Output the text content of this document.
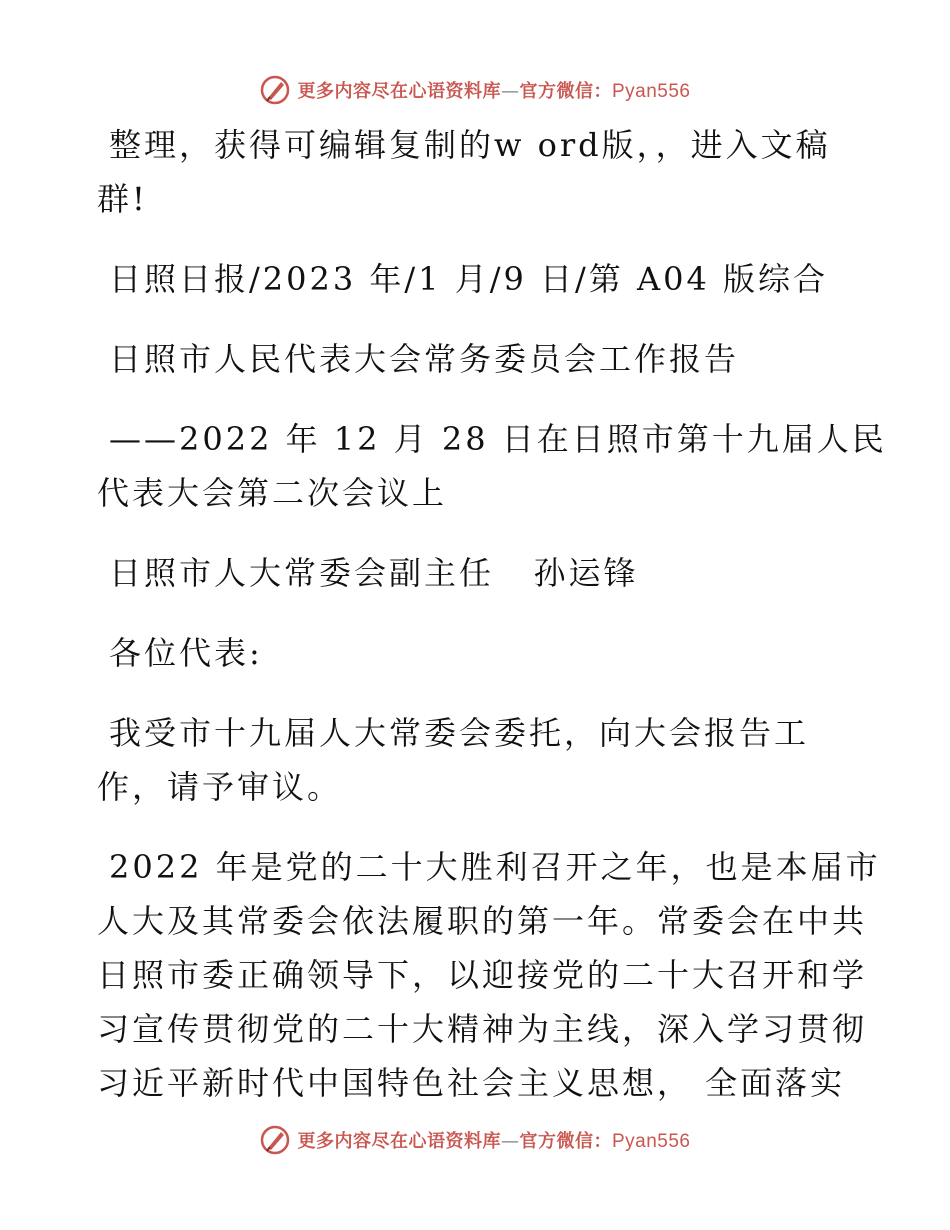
更多内容尽在心语资料库—官方微信：Pyan556
整理，获得可编辑复制的w ord版，，进入文稿
群!
日照日报/2023 年/1 月/9 日/第 A04 版综合
日照市人民代表大会常务委员会工作报告
——2022 年 12 月 28 日在日照市第十九届人民
代表大会第二次会议上
日照市人大常委会副主任   孙运锋
各位代表:
我受市十九届人大常委会委托，向大会报告工
作，请予审议。
2022 年是党的二十大胜利召开之年，也是本届市
人大及其常委会依法履职的第一年。常委会在中共
日照市委正确领导下，以迎接党的二十大召开和学
习宣传贯彻党的二十大精神为主线，深入学习贯彻
习近平新时代中国特色社会主义思想， 全面落实
更多内容尽在心语资料库—官方微信：Pyan556
